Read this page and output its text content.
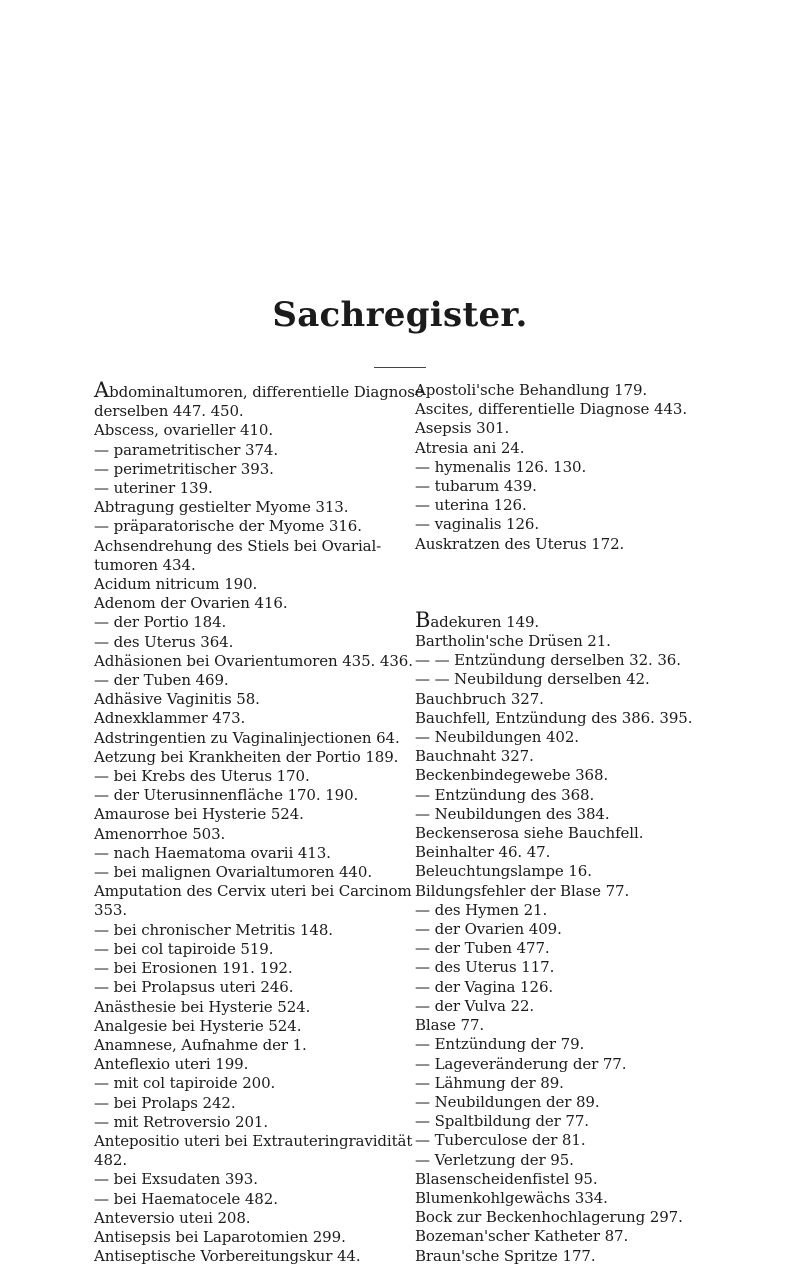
Sachregister.
Abdominaltumoren, differentielle Diagnose
derselben 447. 450.
Abscess, ovarieller 410.
— parametritischer 374.
— perimetritischer 393.
— uteriner 139.
Abtragung gestielter Myome 313.
— präparatorische der Myome 316.
Achsendrehung des Stiels bei Ovarial-
tumoren 434.
Acidum nitricum 190.
Adenom der Ovarien 416.
— der Portio 184.
— des Uterus 364.
Adhäsionen bei Ovarientumoren 435. 436.
— der Tuben 469.
Adhäsive Vaginitis 58.
Adnexklammer 473.
Adstringentien zu Vaginalinjectionen 64.
Aetzung bei Krankheiten der Portio 189.
— bei Krebs des Uterus 170.
— der Uterusinnenfläche 170. 190.
Amaurose bei Hysterie 524.
Amenorrhoe 503.
— nach Haematoma ovarii 413.
— bei malignen Ovarialtumoren 440.
Amputation des Cervix uteri bei Carcinom
353.
— bei chronischer Metritis 148.
— bei col tapiroide 519.
— bei Erosionen 191. 192.
— bei Prolapsus uteri 246.
Anästhesie bei Hysterie 524.
Analgesie bei Hysterie 524.
Anamnese, Aufnahme der 1.
Anteflexio uteri 199.
— mit col tapiroide 200.
— bei Prolaps 242.
— mit Retroversio 201.
Antepositio uteri bei Extrauteringravidität
482.
— bei Exsudaten 393.
— bei Haematocele 482.
Anteversio uteıi 208.
Antisepsis bei Laparotomien 299.
Antiseptische Vorbereitungskur 44.
Apostoli'sche Behandlung 179.
Ascites, differentielle Diagnose 443.
Asepsis 301.
Atresia ani 24.
— hymenalis 126. 130.
— tubarum 439.
— uterina 126.
— vaginalis 126.
Auskratzen des Uterus 172.
Badekuren 149.
Bartholin'sche Drüsen 21.
— — Entzündung derselben 32. 36.
— — Neubildung derselben 42.
Bauchbruch 327.
Bauchfell, Entzündung des 386. 395.
— Neubildungen 402.
Bauchnaht 327.
Beckenbindegewebe 368.
— Entzündung des 368.
— Neubildungen des 384.
Beckenserosa siehe Bauchfell.
Beinhalter 46. 47.
Beleuchtungslampe 16.
Bildungsfehler der Blase 77.
— des Hymen 21.
— der Ovarien 409.
— der Tuben 477.
— des Uterus 117.
— der Vagina 126.
— der Vulva 22.
Blase 77.
— Entzündung der 79.
— Lageveränderung der 77.
— Lähmung der 89.
— Neubildungen der 89.
— Spaltbildung der 77.
— Tuberculose der 81.
— Verletzung der 95.
Blasenscheidenfistel 95.
Blumenkohlgewächs 334.
Bock zur Beckenhochlagerung 297.
Bozeman'scher Katheter 87.
Braun'sche Spritze 177.
